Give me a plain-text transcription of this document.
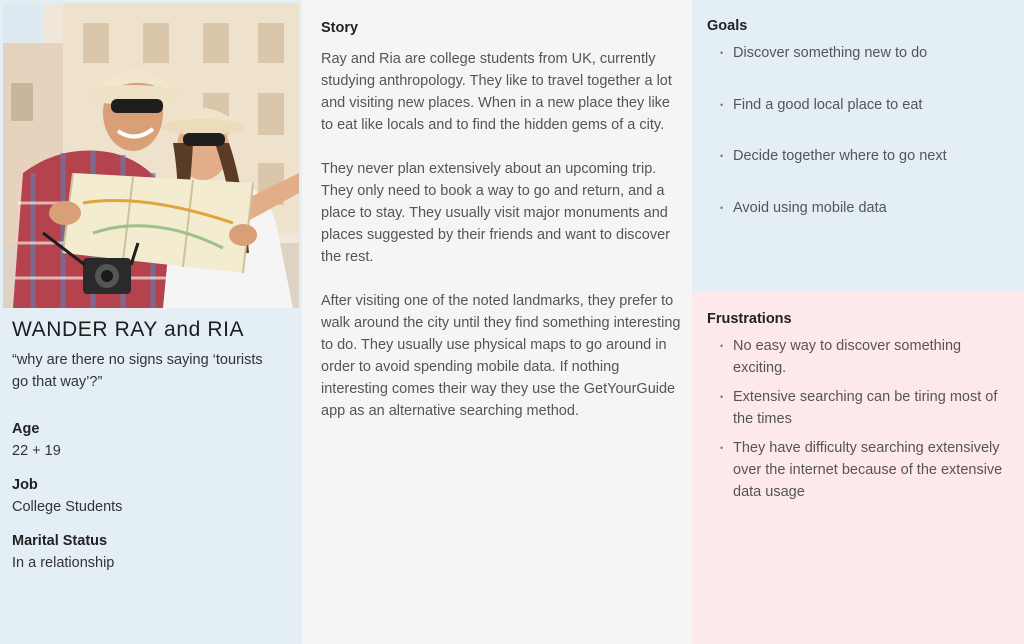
WANDER RAY and RIA

“why are there no signs saying ‘tourists go that way’?”

Age
22 + 19
Job
College Students
Marital Status
In a relationship
Story

Ray and Ria are college students from UK, currently studying anthropology. They like to travel together a lot and visiting new places. When in a new place they like to eat like locals and to find the hidden gems of a city.

They never plan extensively about an upcoming trip. They only need to book a way to go and return, and a place to stay. They usually visit major monuments and places suggested by their friends and want to discover the rest.

After visiting one of the noted landmarks, they prefer to walk around the city until they find something interesting to do. They usually use physical maps to go around in order to avoid spending mobile data. If nothing interesting comes their way they use the GetYourGuide app as an alternative searching method.

Goals
• Discover something new to do
• Find a good local place to eat
• Decide together where to go next
• Avoid using mobile data
Frustrations
• No easy way to discover something exciting.
• Extensive searching can be tiring most of the times
• They have difficulty searching extensively over the internet because of the extensive data usage
